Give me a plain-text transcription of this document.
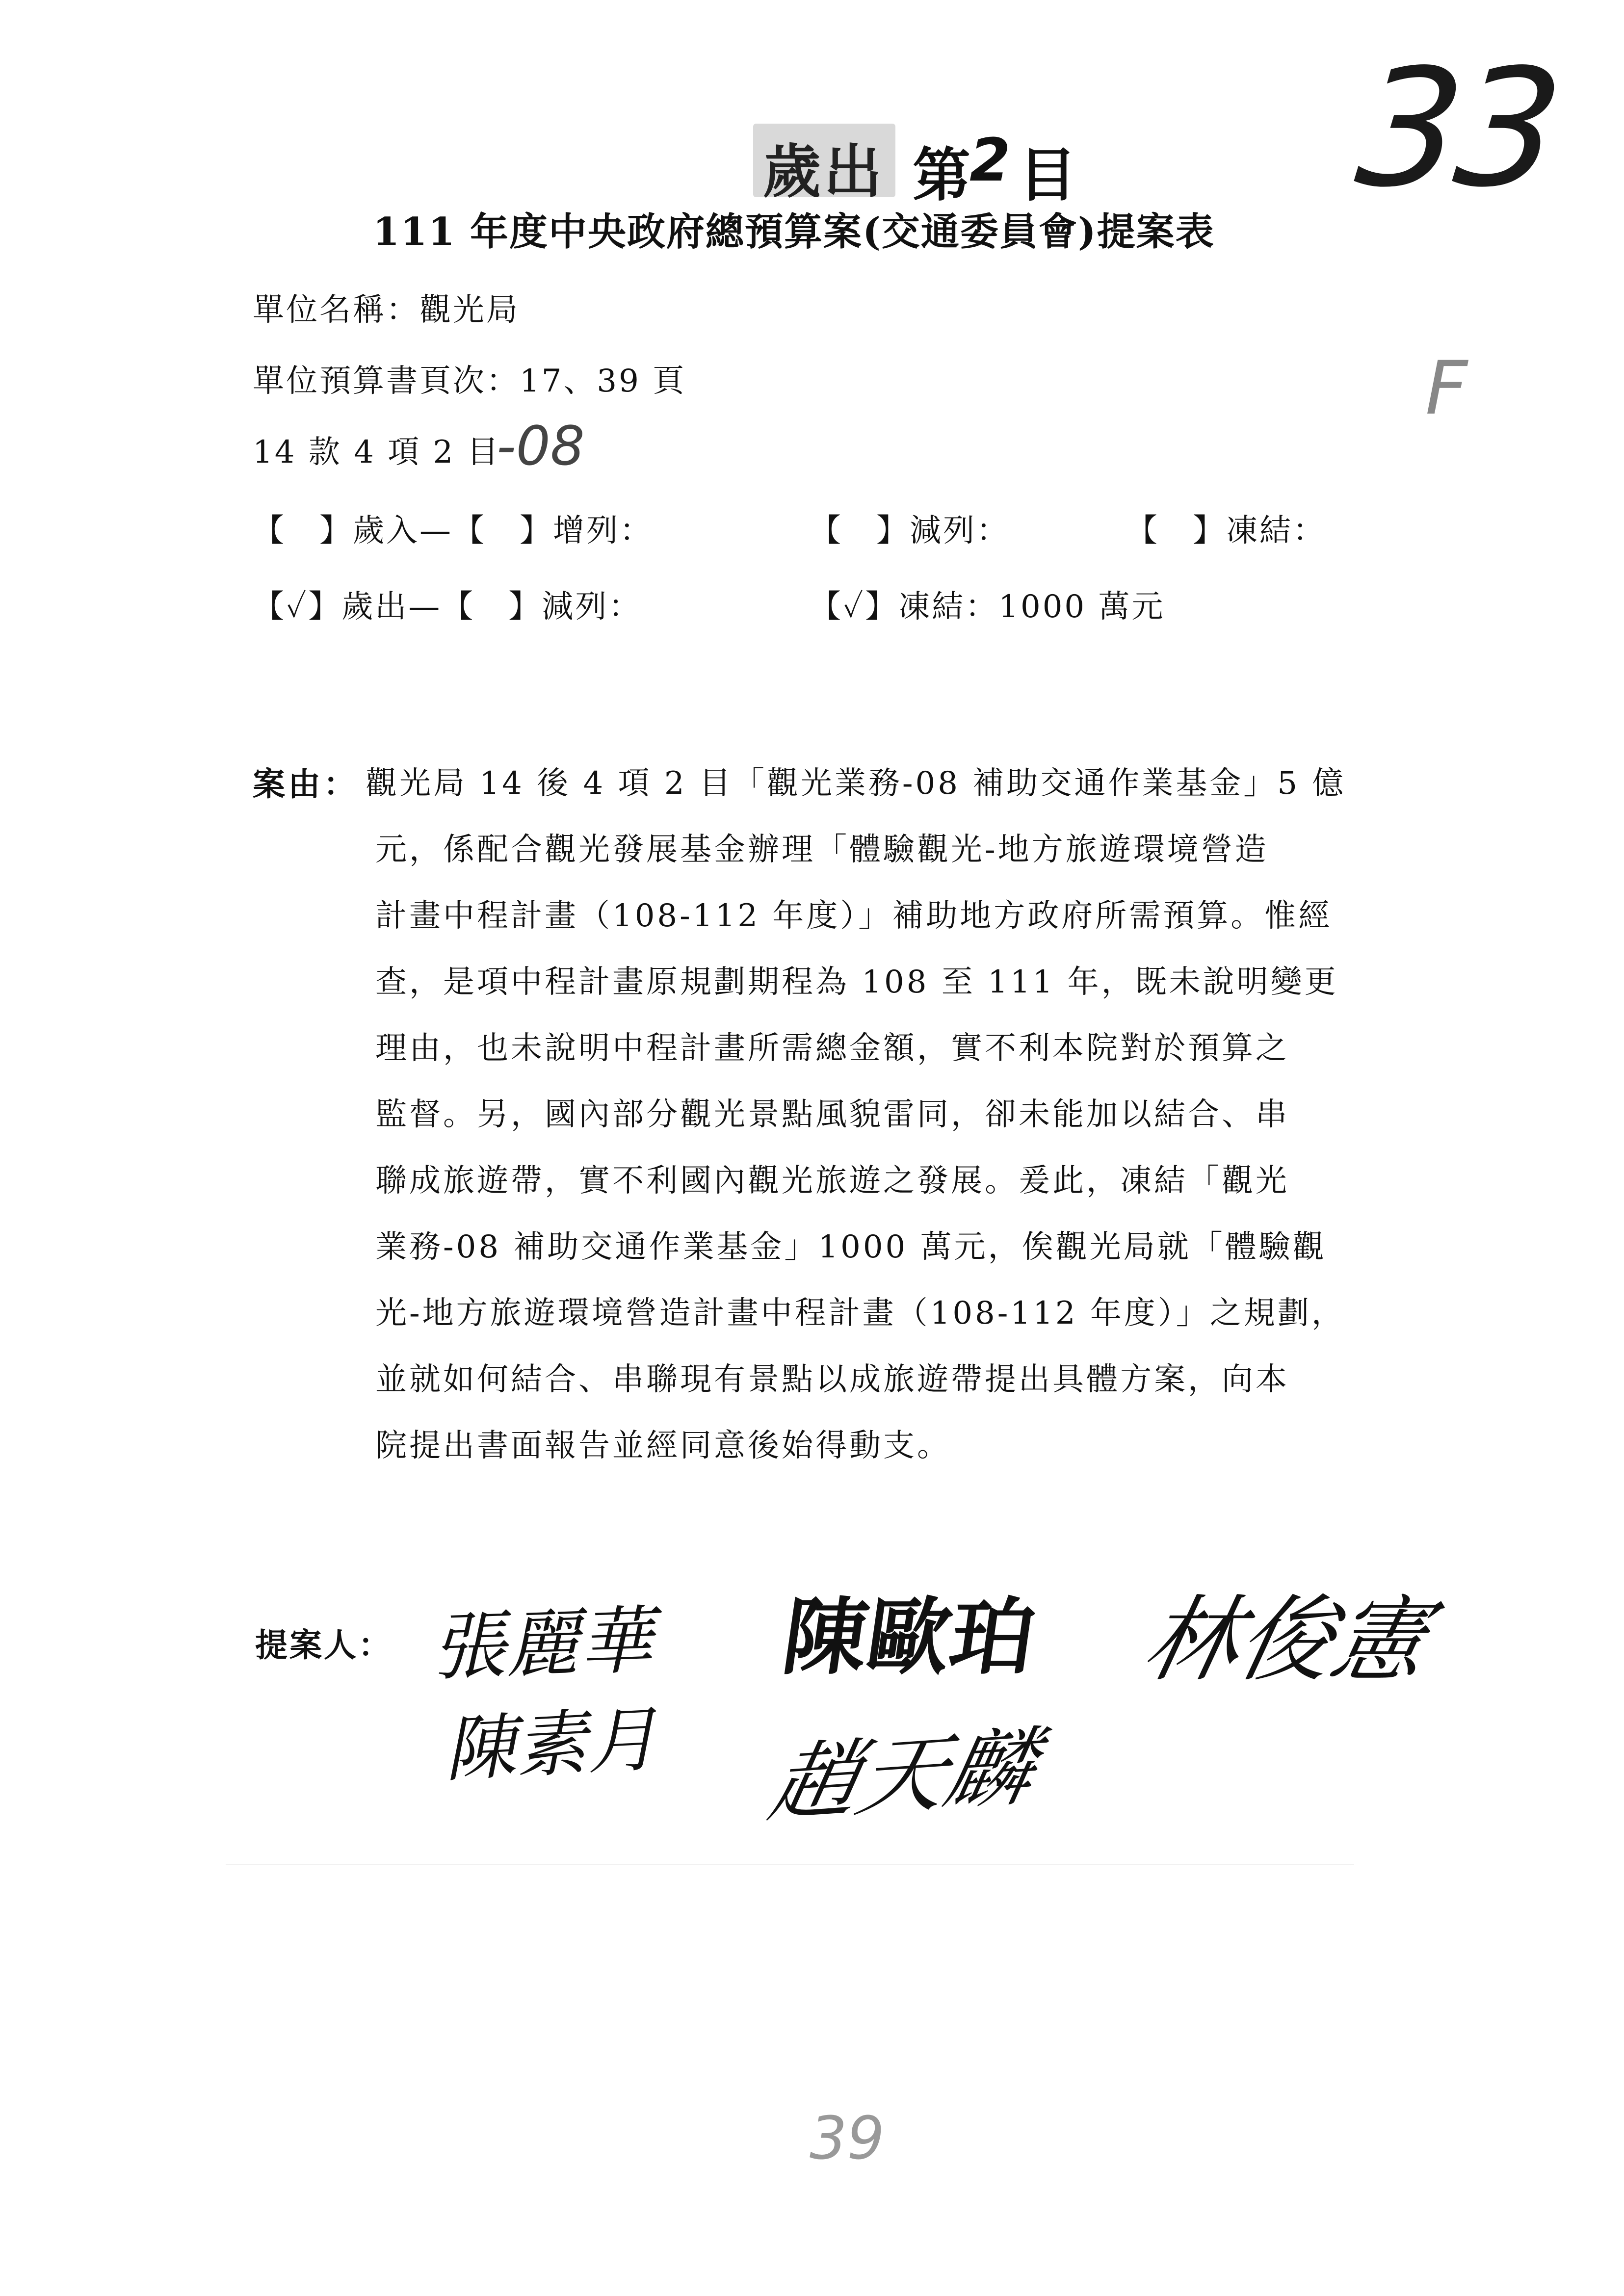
歲出 第
2 目 33
F
111 年度中央政府總預算案(交通委員會)提案表
單位名稱：觀光局
單位預算書頁次：17、39 頁
14 款 4 項 2 目
-08
【　】歲入—【　】增列：	【　】減列：	【　】凍結：
【✓】歲出—【　】減列：	【✓】凍結：1000 萬元
案由： 觀光局 14 後 4 項 2 目「觀光業務-08 補助交通作業基金」5 億
元，係配合觀光發展基金辦理「體驗觀光-地方旅遊環境營造
計畫中程計畫（108-112 年度）」補助地方政府所需預算。惟經
查，是項中程計畫原規劃期程為 108 至 111 年，既未說明變更
理由，也未說明中程計畫所需總金額，實不利本院對於預算之
監督。另，國內部分觀光景點風貌雷同，卻未能加以結合、串
聯成旅遊帶，實不利國內觀光旅遊之發展。爰此，凍結「觀光
業務-08 補助交通作業基金」1000 萬元，俟觀光局就「體驗觀
光-地方旅遊環境營造計畫中程計畫（108-112 年度）」之規劃，
並就如何結合、串聯現有景點以成旅遊帶提出具體方案，向本
院提出書面報告並經同意後始得動支。
提案人： 張麗華 陳歐珀 林俊憲
陳素月 趙天麟
39
